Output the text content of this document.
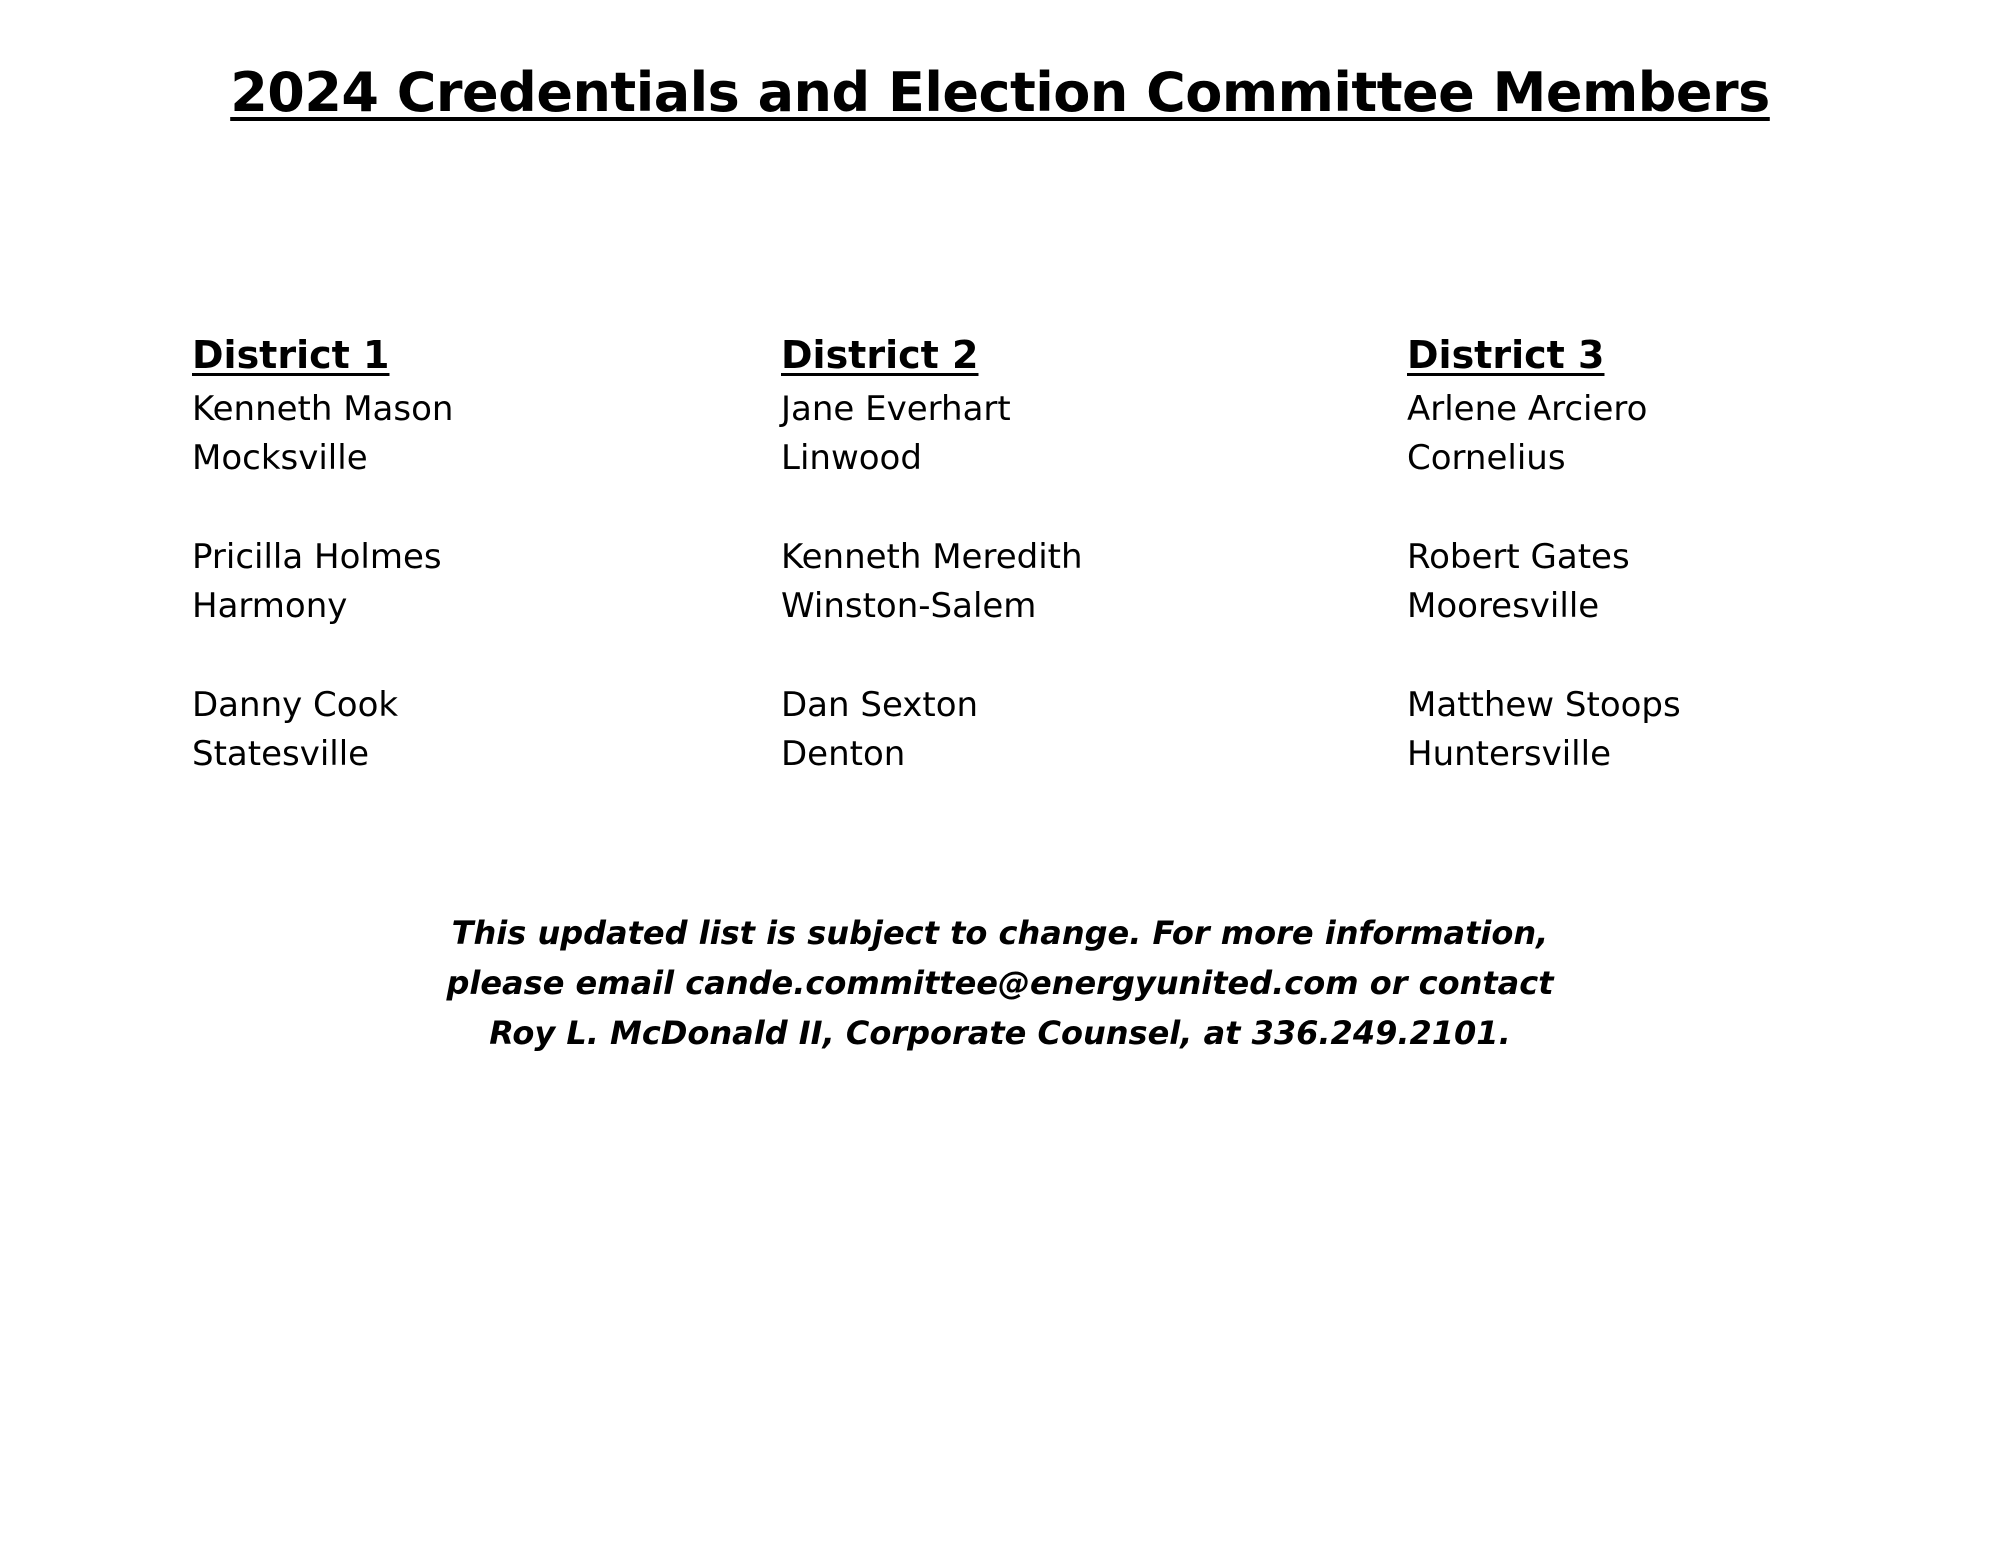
2024 Credentials and Election Committee Members

District 1

Kenneth Mason
Mocksville
Pricilla Holmes
Harmony
Danny Cook
Statesville

District 2

Jane Everhart
Linwood
Kenneth Meredith
Winston-Salem
Dan Sexton
Denton

District 3

Arlene Arciero
Cornelius
Robert Gates
Mooresville
Matthew Stoops
Huntersville
This updated list is subject to change. For more information,
please email cande.committee@energyunited.com or contact
Roy L. McDonald II, Corporate Counsel, at 336.249.2101.
